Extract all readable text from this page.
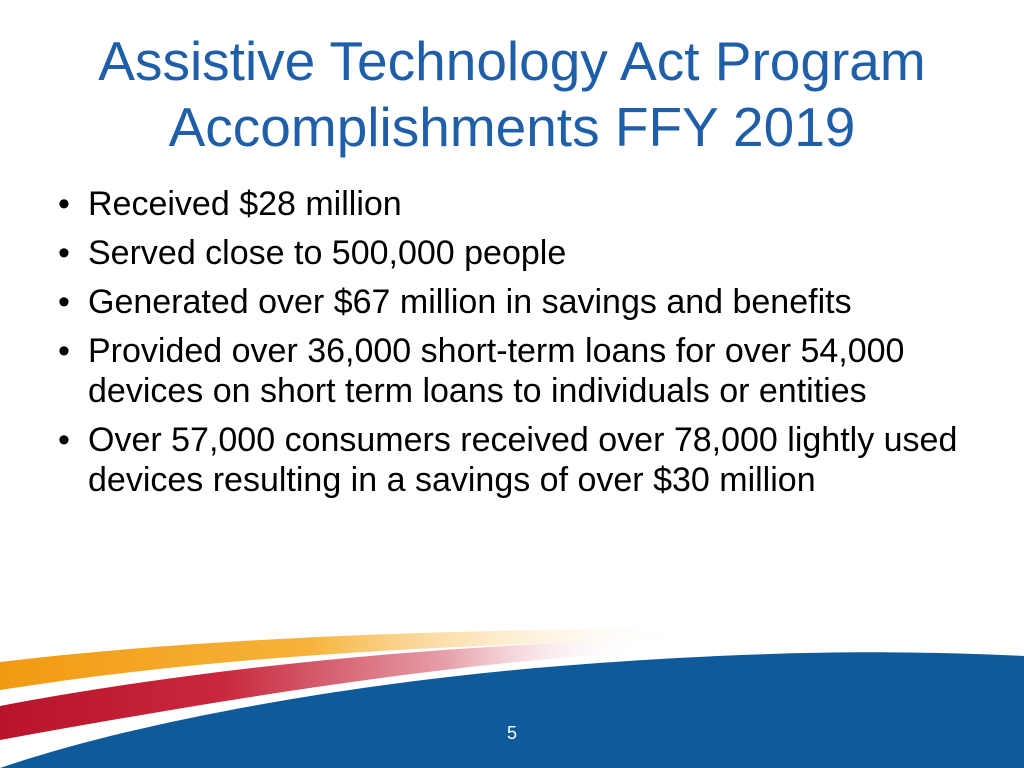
Assistive Technology Act Program
Accomplishments FFY 2019
• Received $28 million
• Served close to 500,000 people
• Generated over $67 million in savings and benefits
• Provided over 36,000 short-term loans for over 54,000 devices on short term loans to individuals or entities
• Over 57,000 consumers received over 78,000 lightly used devices resulting in a savings of over $30 million
5
